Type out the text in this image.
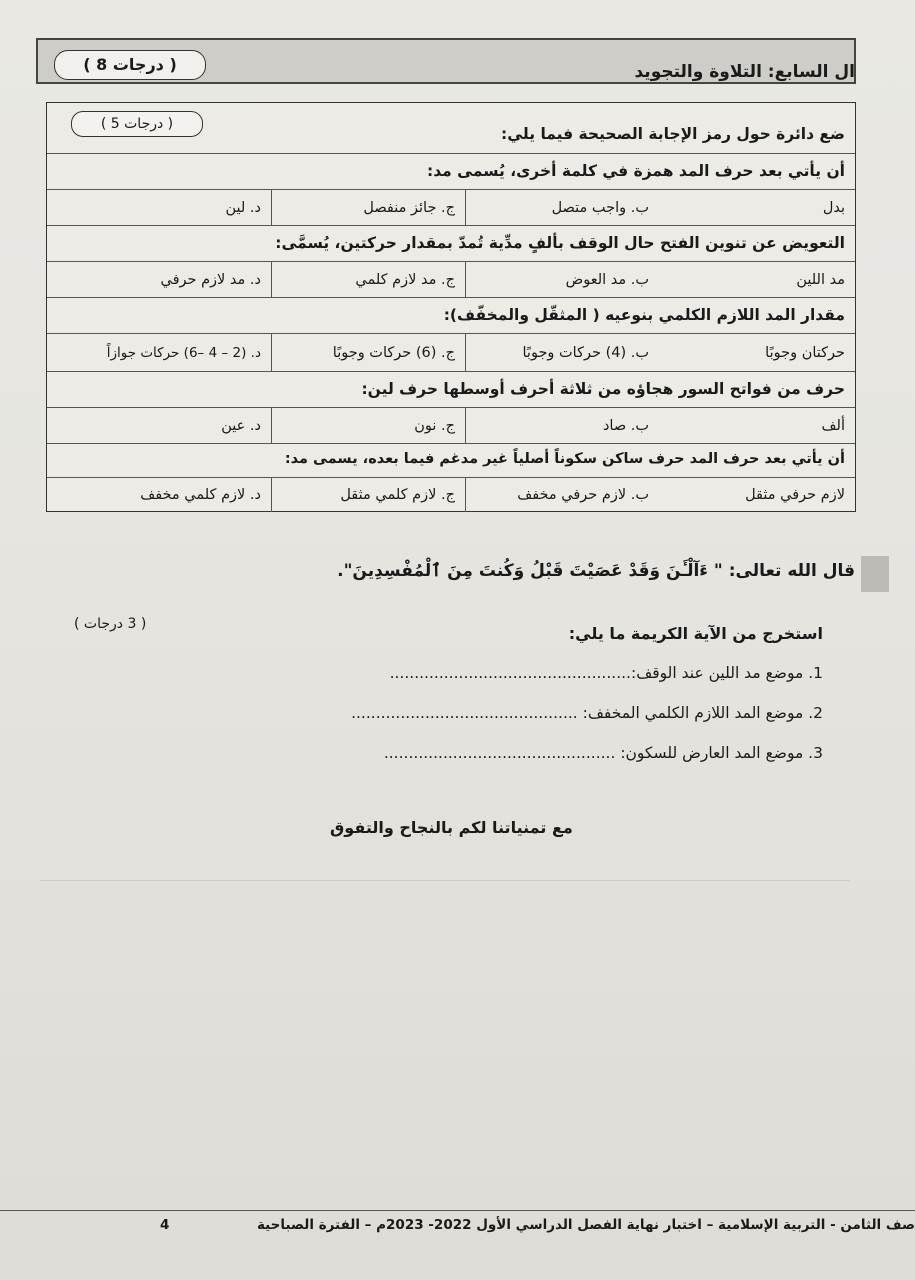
( 8 درجات )	ال السابع: التلاوة والتجويد
( 5 درجات )
ضع دائرة حول رمز الإجابة الصحيحة فيما يلي:
أن يأتي بعد حرف المد همزة في كلمة أخرى، يُسمى مد:
بدل
ب. واجب متصل
ج. جائز منفصل
د. لين
التعويض عن تنوين الفتح حال الوقف بألفٍ مدِّية تُمدّ بمقدار حركتين، يُسمَّى:
مد اللين
ب. مد العوض
ج. مد لازم كلمي
د. مد لازم حرفي
مقدار المد اللازم الكلمي بنوعيه ( المثقّل والمخفّف):
حركتان وجوبًا
ب. (4) حركات وجوبًا
ج. (6) حركات وجوبًا
د. (2 – 4 –6) حركات جوازاً
حرف من فواتح السور هجاؤه من ثلاثة أحرف أوسطها حرف لين:
ألف
ب. صاد
ج. نون
د. عين
أن يأتي بعد حرف المد حرف ساكن سكوناً أصلياً غير مدغم فيما بعده، يسمى مد:
لازم حرفي مثقل
ب. لازم حرفي مخفف
ج. لازم كلمي مثقل
د. لازم كلمي مخفف
قال الله تعالى: " ءَآلْـَٔنَ وَقَدْ عَصَيْتَ قَبْلُ وَكُنتَ مِنَ ٱلْمُفْسِدِينَ".
استخرج من الآية الكريمة ما يلي:
( 3 درجات )
1. موضع مد اللين عند الوقف:.................................................
2. موضع المد اللازم الكلمي المخفف: ..............................................
3. موضع المد العارض للسكون: ...............................................
مع تمنياتنا لكم بالنجاح والتفوق
صف الثامن - التربية الإسلامية – اختبار نهاية الفصل الدراسي الأول 2022- 2023م – الفترة الصباحية
4
